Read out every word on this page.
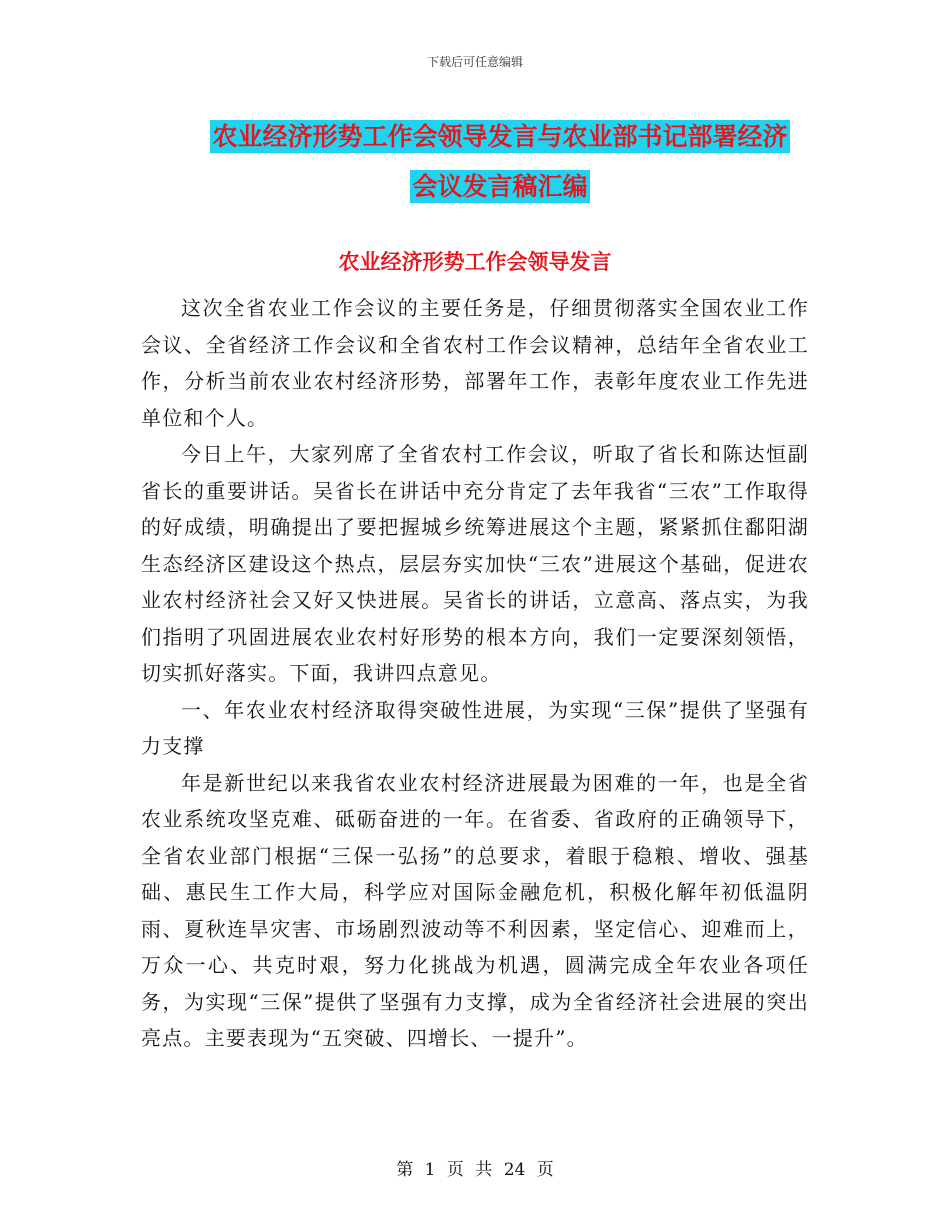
下载后可任意编辑
农业经济形势工作会领导发言与农业部书记部署经济
会议发言稿汇编
农业经济形势工作会领导发言

这次全省农业工作会议的主要任务是，仔细贯彻落实全国农业工作会议、全省经济工作会议和全省农村工作会议精神，总结年全省农业工作，分析当前农业农村经济形势，部署年工作，表彰年度农业工作先进单位和个人。

今日上午，大家列席了全省农村工作会议，听取了省长和陈达恒副省长的重要讲话。吴省长在讲话中充分肯定了去年我省“三农”工作取得的好成绩，明确提出了要把握城乡统筹进展这个主题，紧紧抓住鄱阳湖生态经济区建设这个热点，层层夯实加快“三农”进展这个基础，促进农业农村经济社会又好又快进展。吴省长的讲话，立意高、落点实，为我们指明了巩固进展农业农村好形势的根本方向，我们一定要深刻领悟，切实抓好落实。下面，我讲四点意见。

一、年农业农村经济取得突破性进展，为实现“三保”提供了坚强有力支撑

年是新世纪以来我省农业农村经济进展最为困难的一年，也是全省农业系统攻坚克难、砥砺奋进的一年。在省委、省政府的正确领导下，全省农业部门根据“三保一弘扬”的总要求，着眼于稳粮、增收、强基础、惠民生工作大局，科学应对国际金融危机，积极化解年初低温阴雨、夏秋连旱灾害、市场剧烈波动等不利因素，坚定信心、迎难而上，万众一心、共克时艰，努力化挑战为机遇，圆满完成全年农业各项任务，为实现“三保”提供了坚强有力支撑，成为全省经济社会进展的突出亮点。主要表现为“五突破、四增长、一提升”。

第 1 页 共 24 页
